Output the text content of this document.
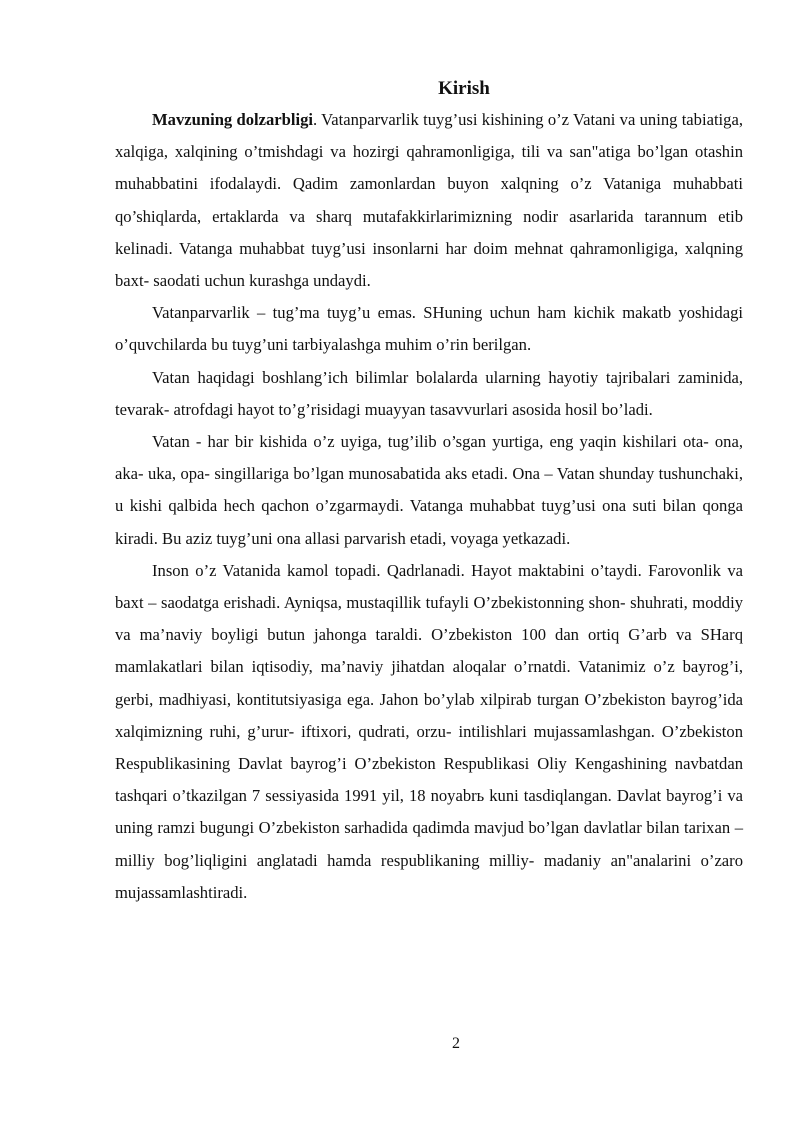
Kirish

Mavzuning dolzarbligi. Vatanparvarlik tuyg’usi kishining o’z Vatani va uning tabiatiga, xalqiga, xalqining o’tmishdagi va hozirgi qahramonligiga, tili va san"atiga bo’lgan otashin muhabbatini ifodalaydi. Qadim zamonlardan buyon xalqning o’z Vataniga muhabbati qo’shiqlarda, ertaklarda va sharq mutafakkirlarimizning nodir asarlarida tarannum etib kelinadi. Vatanga muhabbat tuyg’usi insonlarni har doim mehnat qahramonligiga, xalqning baxt- saodati uchun kurashga undaydi.

Vatanparvarlik – tug’ma tuyg’u emas. SHuning uchun ham kichik makatb yoshidagi o’quvchilarda bu tuyg’uni tarbiyalashga muhim o’rin berilgan.

Vatan haqidagi boshlang’ich bilimlar bolalarda ularning hayotiy tajribalari zaminida, tevarak- atrofdagi hayot to’g’risidagi muayyan tasavvurlari asosida hosil bo’ladi.

Vatan - har bir kishida o’z uyiga, tug’ilib o’sgan yurtiga, eng yaqin kishilari ota- ona, aka- uka, opa- singillariga bo’lgan munosabatida aks etadi. Ona – Vatan shunday tushunchaki, u kishi qalbida hech qachon o’zgarmaydi. Vatanga muhabbat tuyg’usi ona suti bilan qonga kiradi. Bu aziz tuyg’uni ona allasi parvarish etadi, voyaga yetkazadi.

Inson o’z Vatanida kamol topadi. Qadrlanadi. Hayot maktabini o’taydi. Farovonlik va baxt – saodatga erishadi. Ayniqsa, mustaqillik tufayli O’zbekistonning shon- shuhrati, moddiy va ma’naviy boyligi butun jahonga taraldi. O’zbekiston 100 dan ortiq G’arb va SHarq mamlakatlari bilan iqtisodiy, ma’naviy jihatdan aloqalar o’rnatdi. Vatanimiz o’z bayrog’i, gerbi, madhiyasi, kontitutsiyasiga ega. Jahon bo’ylab xilpirab turgan O’zbekiston bayrog’ida xalqimizning ruhi, g’urur- iftixori, qudrati, orzu- intilishlari mujassamlashgan. O’zbekiston Respublikasining Davlat bayrog’i O’zbekiston Respublikasi Oliy Kengashining navbatdan tashqari o’tkazilgan 7 sessiyasida 1991 yil, 18 noyabrь kuni tasdiqlangan. Davlat bayrog’i va uning ramzi bugungi O’zbekiston sarhadida qadimda mavjud bo’lgan davlatlar bilan tarixan – milliy bog’liqligini anglatadi hamda respublikaning milliy- madaniy an"analarini o’zaro mujassamlashtiradi.

2
